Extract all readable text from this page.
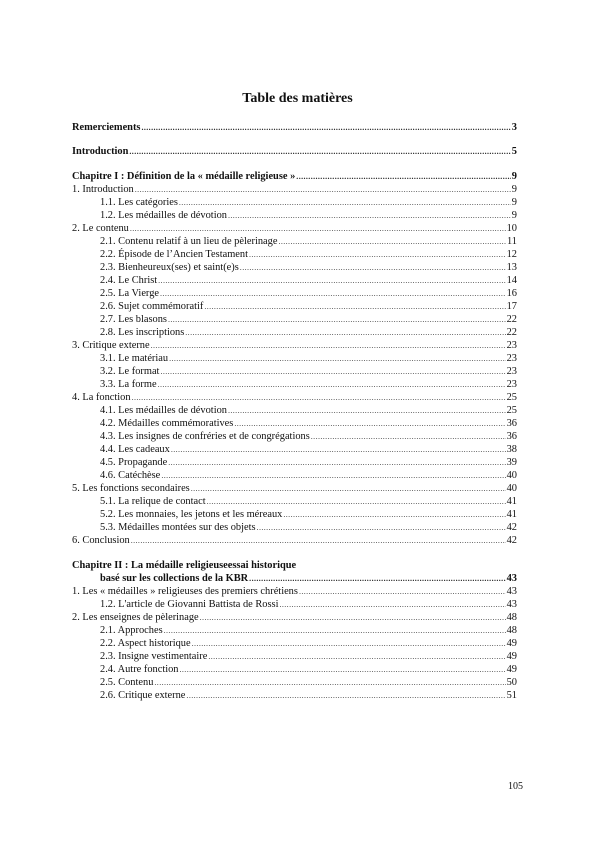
Table des matières
Remerciements .....	3
Introduction .....	5
Chapitre I : Définition de la « médaille religieuse » .....	9
1. Introduction .....	9
1.1. Les catégories .....	9
1.2. Les médailles de dévotion .....	9
2. Le contenu .....	10
2.1. Contenu relatif à un lieu de pèlerinage .....	11
2.2. Épisode de l’Ancien Testament .....	12
2.3. Bienheureux(ses) et saint(e)s .....	13
2.4. Le Christ .....	14
2.5. La Vierge .....	16
2.6. Sujet commémoratif .....	17
2.7. Les blasons .....	22
2.8. Les inscriptions .....	22
3. Critique externe .....	23
3.1. Le matériau .....	23
3.2. Le format .....	23
3.3. La forme .....	23
4. La fonction .....	25
4.1. Les médailles de dévotion .....	25
4.2. Médailles commémoratives .....	36
4.3. Les insignes de confréries et de congrégations .....	36
4.4. Les cadeaux .....	38
4.5. Propagande .....	39
4.6. Catéchèse .....	40
5. Les fonctions secondaires .....	40
5.1. La relique de contact .....	41
5.2. Les monnaies, les jetons et les méreaux .....	41
5.3. Médailles montées sur des objets .....	42
6. Conclusion .....	42
Chapitre II : La médaille religieuseessai historique
basé sur les collections de la KBR .....	43
1. Les « médailles » religieuses des premiers chrétiens .....	43
1.2. L'article de Giovanni Battista de Rossi .....	43
2. Les enseignes de pèlerinage .....	48
2.1. Approches .....	48
2.2. Aspect historique .....	49
2.3. Insigne vestimentaire .....	49
2.4. Autre fonction .....	49
2.5. Contenu .....	50
2.6. Critique externe .....	51
105
